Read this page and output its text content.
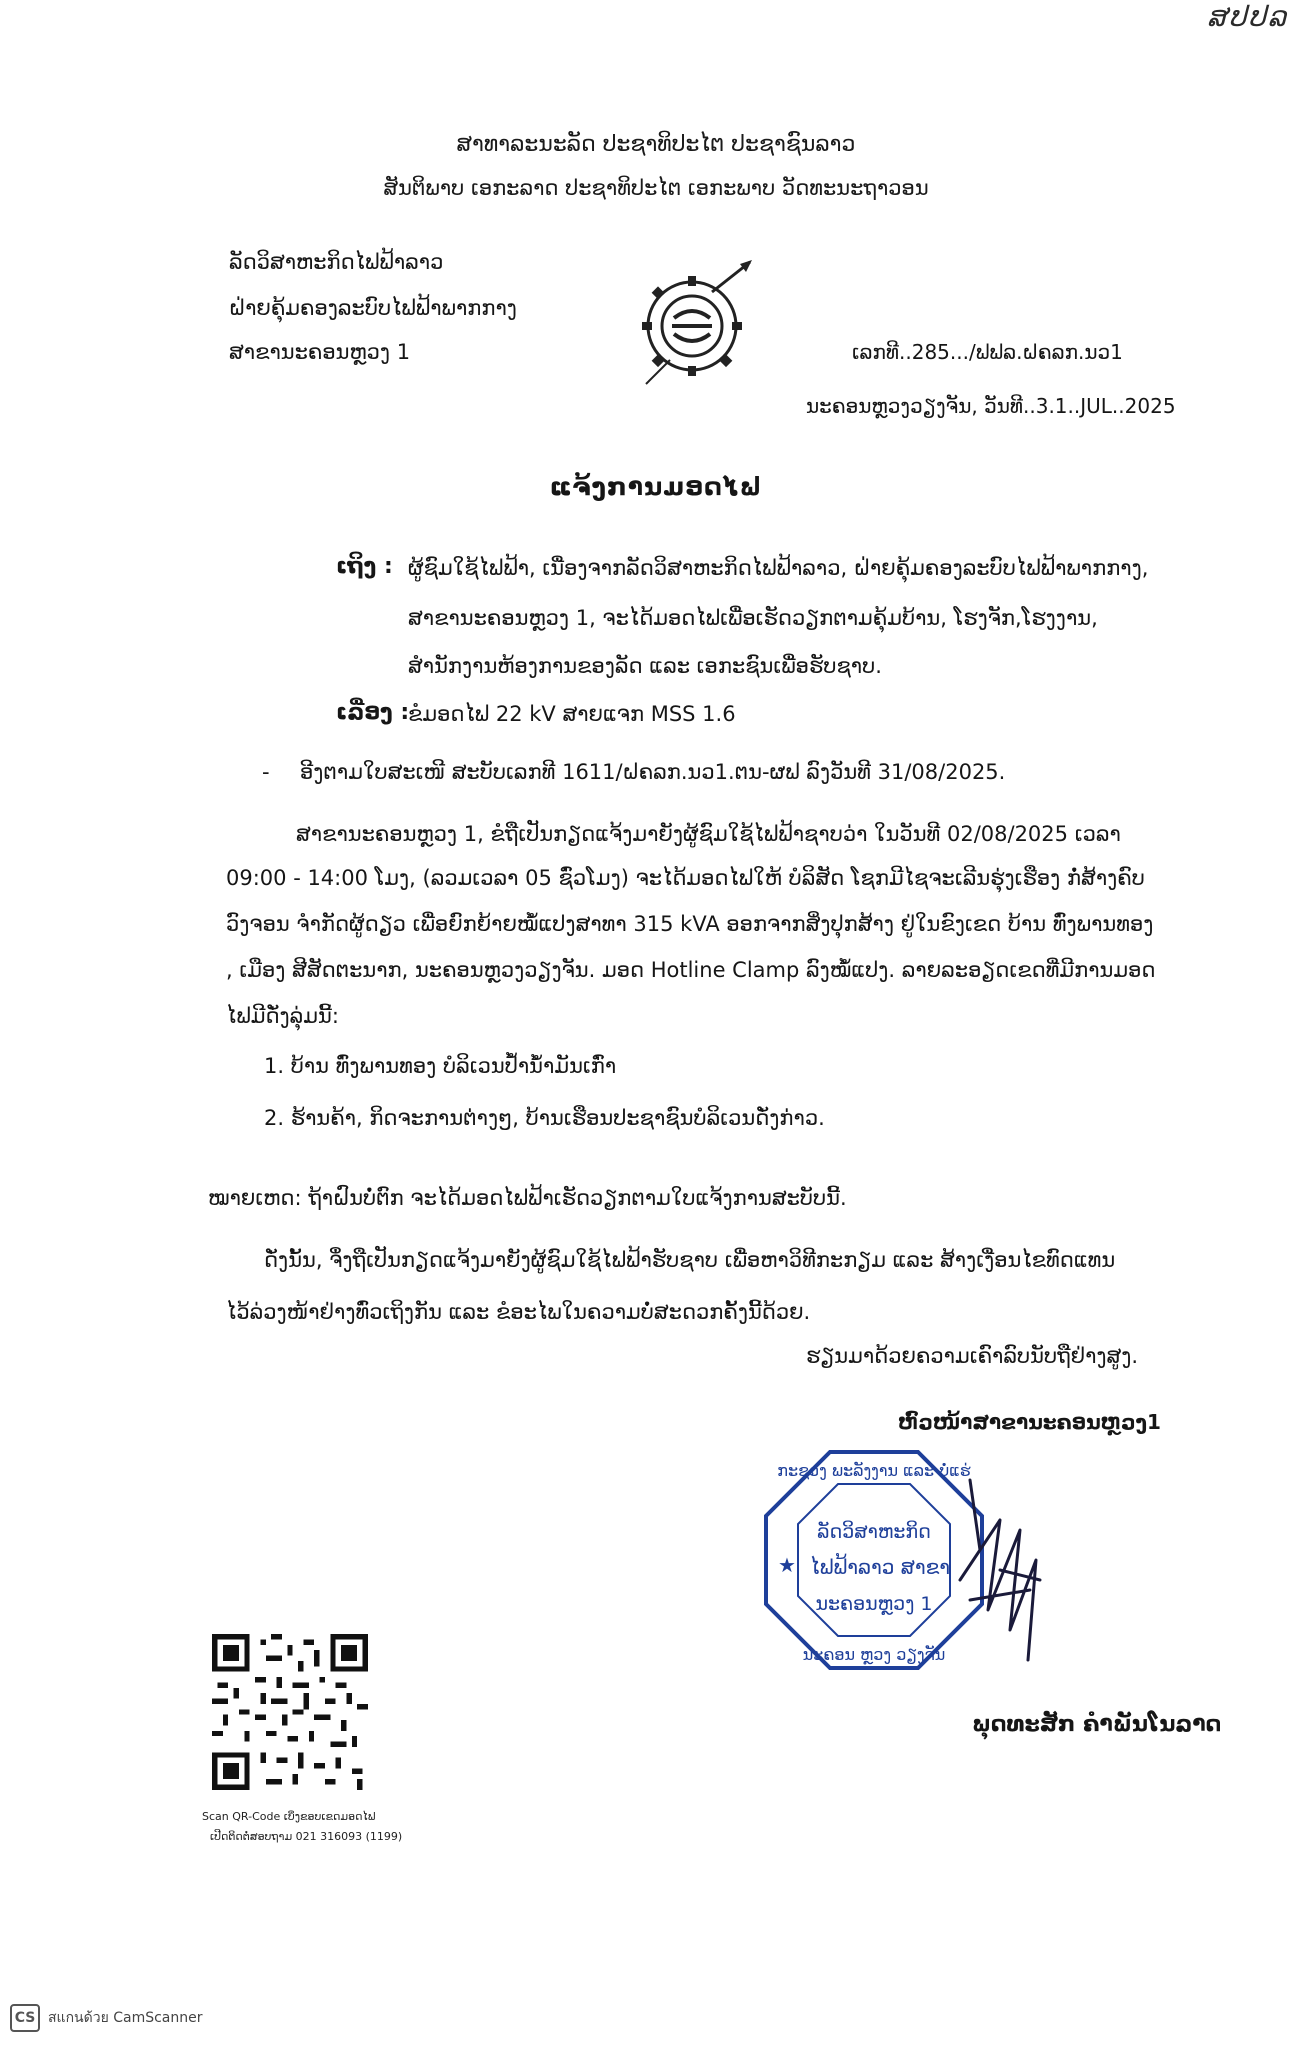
ສປປລ
ສາທາລະນະລັດ ປະຊາທິປະໄຕ ປະຊາຊົນລາວ
ສັນຕິພາບ ເອກະລາດ ປະຊາທິປະໄຕ ເອກະພາບ ວັດທະນະຖາວອນ
ລັດວິສາຫະກິດໄຟຟ້າລາວ
ຝ່າຍຄຸ້ມຄອງລະບົບໄຟຟ້າພາກກາງ
ສາຂານະຄອນຫຼວງ 1	ເລກທີ..285.../ຟຟລ.ຝຄລກ.ນວ1
ນະຄອນຫຼວງວຽງຈັນ, ວັນທີ..3.1..JUL..2025
ແຈ້ງການມອດໄຟ
ເຖິງ : ຜູ້ຊົມໃຊ້ໄຟຟ້າ, ເນື່ອງຈາກລັດວິສາຫະກິດໄຟຟ້າລາວ, ຝ່າຍຄຸ້ມຄອງລະບົບໄຟຟ້າພາກກາງ,
ສາຂານະຄອນຫຼວງ 1, ຈະໄດ້ມອດໄຟເພື່ອເຮັດວຽກຕາມຄຸ້ມບ້ານ, ໂຮງຈັກ,ໂຮງງານ,
ສຳນັກງານຫ້ອງການຂອງລັດ ແລະ ເອກະຊົນເພື່ອຮັບຊາບ.
ເລື່ອງ :
ຂໍມອດໄຟ 22 kV ສາຍແຈກ MSS 1.6
- ອີງຕາມໃບສະເໜີ ສະບັບເລກທີ 1611/ຝຄລກ.ນວ1.ຕນ-ຜຟ ລົງວັນທີ 31/08/2025.
ສາຂານະຄອນຫຼວງ 1, ຂໍຖືເປັນກຽດແຈ້ງມາຍັງຜູ້ຊົມໃຊ້ໄຟຟ້າຊາບວ່າ ໃນວັນທີ 02/08/2025 ເວລາ
09:00 - 14:00 ໂມງ, (ລວມເວລາ 05 ຊົ່ວໂມງ) ຈະໄດ້ມອດໄຟໃຫ້ ບໍລິສັດ ໂຊກມີໄຊຈະເລີນຮຸ່ງເຮືອງ ກໍ່ສ້າງຄົບ
ວົງຈອນ ຈຳກັດຜູ້ດຽວ ເພື່ອຍົກຍ້າຍໝໍ້ແປງສາທາ 315 kVA ອອກຈາກສິ່ງປຸກສ້າງ ຢູ່ໃນຂົງເຂດ ບ້ານ ທົ່ງພານທອງ
, ເມືອງ ສີສັດຕະນາກ, ນະຄອນຫຼວງວຽງຈັນ. ມອດ Hotline Clamp ລົງໝໍ້ແປງ. ລາຍລະອຽດເຂດທີ່ມີການມອດ
ໄຟມີດັ່ງລຸ່ມນີ້:
1. ບ້ານ ທົ່ງພານທອງ ບໍລິເວນປໍ້ານ້ຳມັນເກົ່າ
2. ຮ້ານຄ້າ, ກິດຈະການຕ່າງໆ, ບ້ານເຮືອນປະຊາຊົນບໍລິເວນດັ່ງກ່າວ.
ໝາຍເຫດ: ຖ້າຝົນບໍ່ຕົກ ຈະໄດ້ມອດໄຟຟ້າເຮັດວຽກຕາມໃບແຈ້ງການສະບັບນີ້.
ດັ່ງນັ້ນ, ຈຶ່ງຖືເປັນກຽດແຈ້ງມາຍັງຜູ້ຊົມໃຊ້ໄຟຟ້າຮັບຊາບ ເພື່ອຫາວິທີກະກຽມ ແລະ ສ້າງເງື່ອນໄຂທົດແທນ
ໄວ້ລ່ວງໜ້າຢ່າງທົ່ວເຖິງກັນ ແລະ ຂໍອະໄພໃນຄວາມບໍ່ສະດວກຄັ້ງນີ້ດ້ວຍ.
ຮຽນມາດ້ວຍຄວາມເຄົາລົບນັບຖືຢ່າງສູງ.
ຫົວໜ້າສາຂານະຄອນຫຼວງ1
ກະຊວງ ພະລັງງານ ແລະ ບໍ່ແຮ່
ນະຄອນ ຫຼວງ ວຽງຈັນ
ລັດວິສາຫະກິດ
ໄຟຟ້າລາວ ສາຂາ
ນະຄອນຫຼວງ 1
★
ພຸດທະສັກ ຄຳພັນໂນລາດ
Scan QR-Code ເບິ່ງຂອບເຂດມອດໄຟ
ເປີດຕິດຕໍ່ສອບຖາມ 021 316093 (1199)
CS สแกนด้วย CamScanner
